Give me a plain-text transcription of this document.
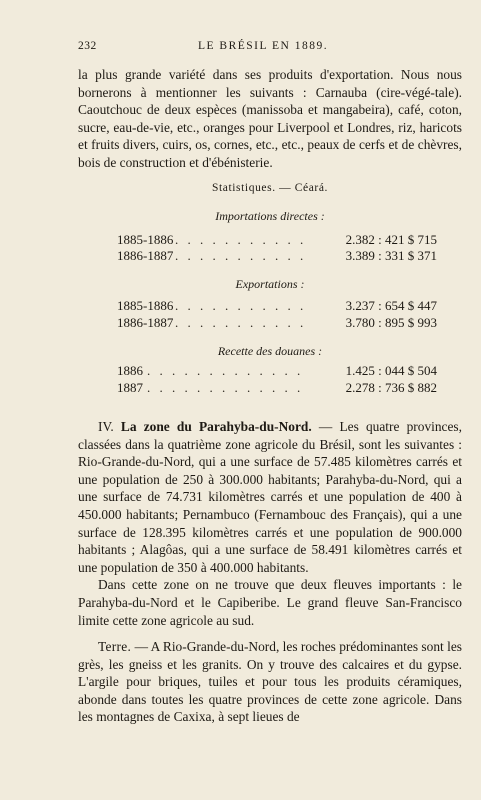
232	LE BRÉSIL EN 1889.

la plus grande variété dans ses produits d'exportation. Nous nous bornerons à mentionner les suivants : Carnauba (cire-végé-tale). Caoutchouc de deux espèces (manissoba et mangabeira), café, coton, sucre, eau-de-vie, etc., oranges pour Liverpool et Londres, riz, haricots et fruits divers, cuirs, os, cornes, etc., etc., peaux de cerfs et de chèvres, bois de construction et d'ébénisterie.

Statistiques. — Céará.
Importations directes :
1885-1886 . . . . . . . . . . .	2.382 : 421 $ 715
1886-1887 . . . . . . . . . . .	3.389 : 331 $ 371
Exportations :
1885-1886 . . . . . . . . . . .	3.237 : 654 $ 447
1886-1887 . . . . . . . . . . .	3.780 : 895 $ 993
Recette des douanes :
1886 . . . . . . . . . . . . .	1.425 : 044 $ 504
1887 . . . . . . . . . . . . .	2.278 : 736 $ 882

IV. La zone du Parahyba-du-Nord. — Les quatre provinces, classées dans la quatrième zone agricole du Brésil, sont les suivantes : Rio-Grande-du-Nord, qui a une surface de 57.485 kilomètres carrés et une population de 250 à 300.000 habitants; Parahyba-du-Nord, qui a une surface de 74.731 kilomètres carrés et une population de 400 à 450.000 habitants; Pernambuco (Fernambouc des Français), qui a une surface de 128.395 kilomètres carrés et une population de 900.000 habitants ; Alagôas, qui a une surface de 58.491 kilomètres carrés et une population de 350 à 400.000 habitants.

Dans cette zone on ne trouve que deux fleuves importants : le Parahyba-du-Nord et le Capiberibe. Le grand fleuve San-Francisco limite cette zone agricole au sud.

Terre. — A Rio-Grande-du-Nord, les roches prédominantes sont les grès, les gneiss et les granits. On y trouve des calcaires et du gypse. L'argile pour briques, tuiles et pour tous les produits céramiques, abonde dans toutes les quatre provinces de cette zone agricole. Dans les montagnes de Caxixa, à sept lieues de
